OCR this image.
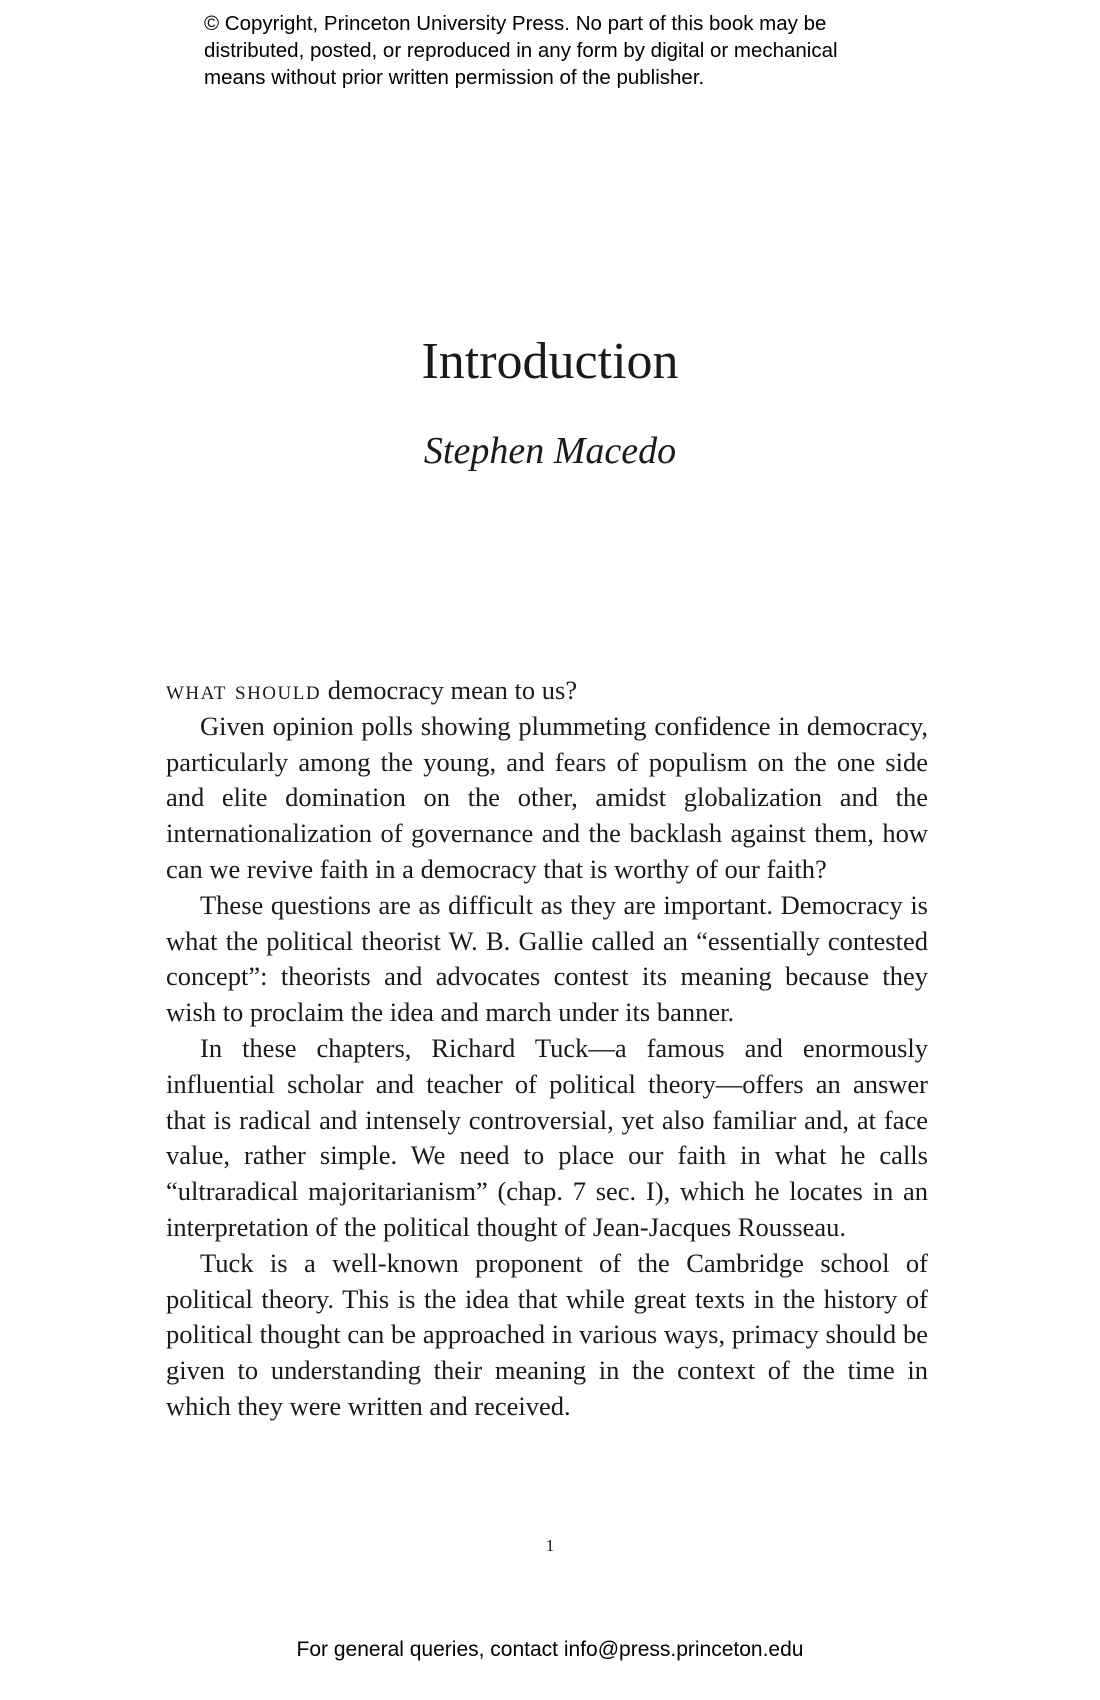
© Copyright, Princeton University Press. No part of this book may be
distributed, posted, or reproduced in any form by digital or mechanical
means without prior written permission of the publisher.
Introduction
Stephen Macedo

what should democracy mean to us?

Given opinion polls showing plummeting confidence in democracy, particularly among the young, and fears of populism on the one side and elite domination on the other, amidst globalization and the internationalization of governance and the backlash against them, how can we revive faith in a democracy that is worthy of our faith?

These questions are as difficult as they are important. Democracy is what the political theorist W. B. Gallie called an “essentially contested concept”: theorists and advocates contest its meaning because they wish to proclaim the idea and march under its banner.

In these chapters, Richard Tuck—a famous and enormously influential scholar and teacher of political theory—offers an answer that is radical and intensely controversial, yet also familiar and, at face value, rather simple. We need to place our faith in what he calls “ultraradical majoritarianism” (chap. 7 sec. I), which he locates in an interpretation of the political thought of Jean-Jacques Rousseau.

Tuck is a well-known proponent of the Cambridge school of political theory. This is the idea that while great texts in the history of political thought can be approached in various ways, primacy should be given to understanding their meaning in the context of the time in which they were written and received.

1
For general queries, contact info@press.princeton.edu
